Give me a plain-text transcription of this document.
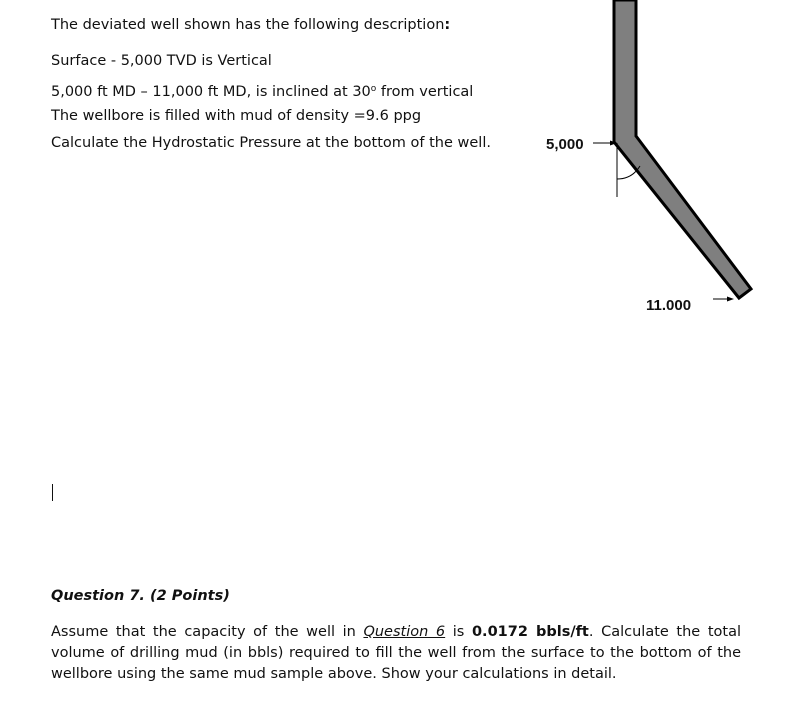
The deviated well shown has the following description:
Surface - 5,000 TVD is Vertical
5,000 ft MD – 11,000 ft MD, is inclined at 30$^o$ from vertical
The wellbore is filled with mud of density =9.6 ppg
Calculate the Hydrostatic Pressure at the bottom of the well.	5,000
11.000
Question 7. (2 Points)
Assume that the capacity of the well in Question 6 is 0.0172 bbls/ft. Calculate the total volume of drilling mud (in bbls) required to fill the well from the surface to the bottom of the wellbore using the same mud sample above. Show your calculations in detail.
